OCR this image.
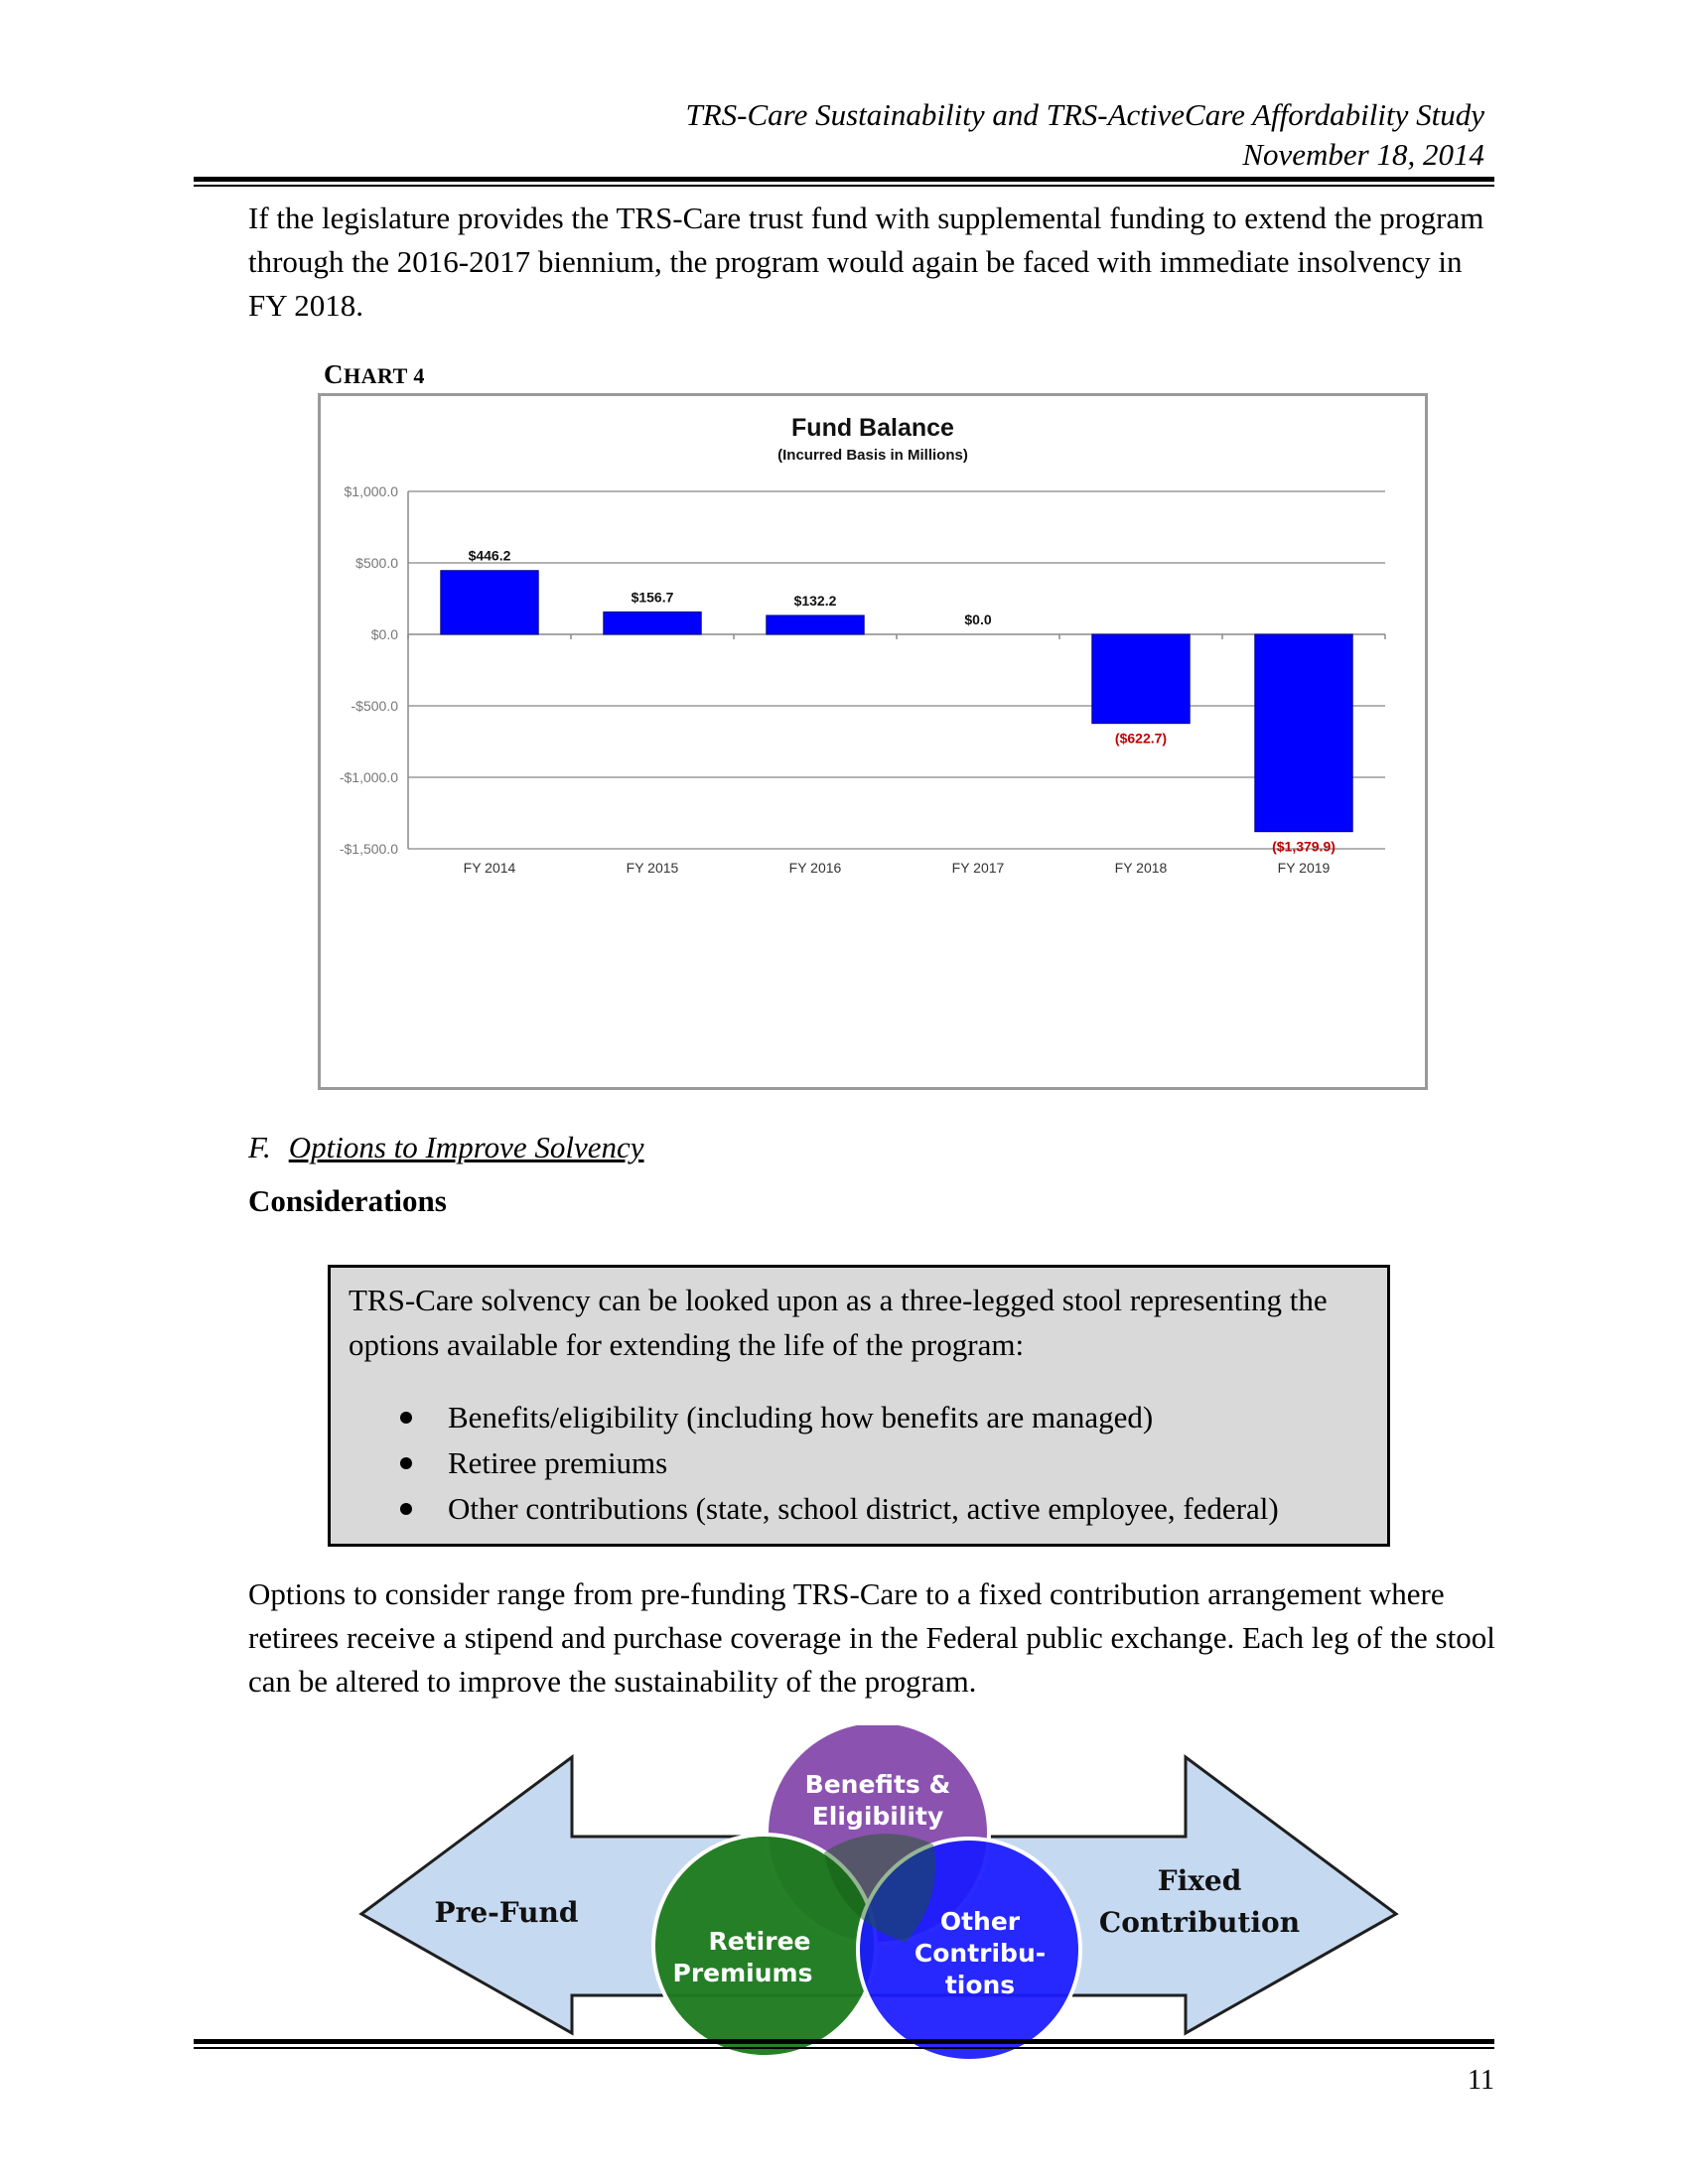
TRS-Care Sustainability and TRS-ActiveCare Affordability Study
November 18, 2014
If the legislature provides the TRS-Care trust fund with supplemental funding to extend the program through the 2016-2017 biennium, the program would again be faced with immediate insolvency in FY 2018.
CHART 4
Fund Balance
(Incurred Basis in Millions)
$1,000.0
$500.0
$0.0
-$500.0
-$1,000.0
-$1,500.0
FY 2014	FY 2015	FY 2016	FY 2017	FY 2018	FY 2019
$446.2
$156.7	$132.2
$0.0
($622.7)
($1,379.9)
F. Options to Improve Solvency
Considerations
TRS-Care solvency can be looked upon as a three-legged stool representing the options available for extending the life of the program:
Benefits/eligibility (including how benefits are managed)
Retiree premiums
Other contributions (state, school district, active employee, federal)
Options to consider range from pre-funding TRS-Care to a fixed contribution arrangement where retirees receive a stipend and purchase coverage in the Federal public exchange. Each leg of the stool can be altered to improve the sustainability of the program.
Pre-Fund
Fixed
Contribution
Benefits &
Eligibility
Retiree
Premiums
Other
Contribu-
tions
11
